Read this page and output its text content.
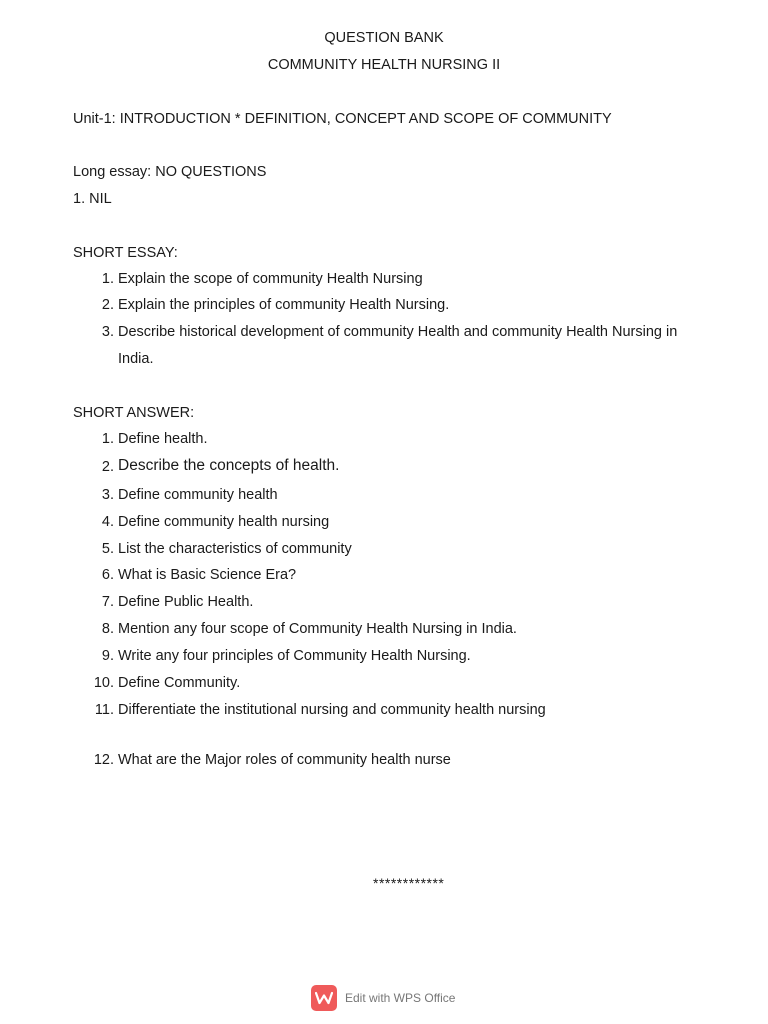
QUESTION BANK
COMMUNITY HEALTH NURSING II
Unit-1: INTRODUCTION * DEFINITION, CONCEPT AND SCOPE OF COMMUNITY
Long essay: NO QUESTIONS
1. NIL
SHORT ESSAY:
1. Explain the scope of community Health Nursing
2. Explain the principles of community Health Nursing.
3. Describe historical development of community Health and community Health Nursing in
India.
SHORT ANSWER:
1. Define health.
2. Describe the concepts of health.
3. Define community health
4. Define community health nursing
5. List the characteristics of community
6. What is Basic Science Era?
7. Define Public Health.
8. Mention any four scope of Community Health Nursing in India.
9. Write any four principles of Community Health Nursing.
10. Define Community.
11. Differentiate the institutional nursing and community health nursing
12. What are the Major roles of community health nurse
************
Edit with WPS Office
